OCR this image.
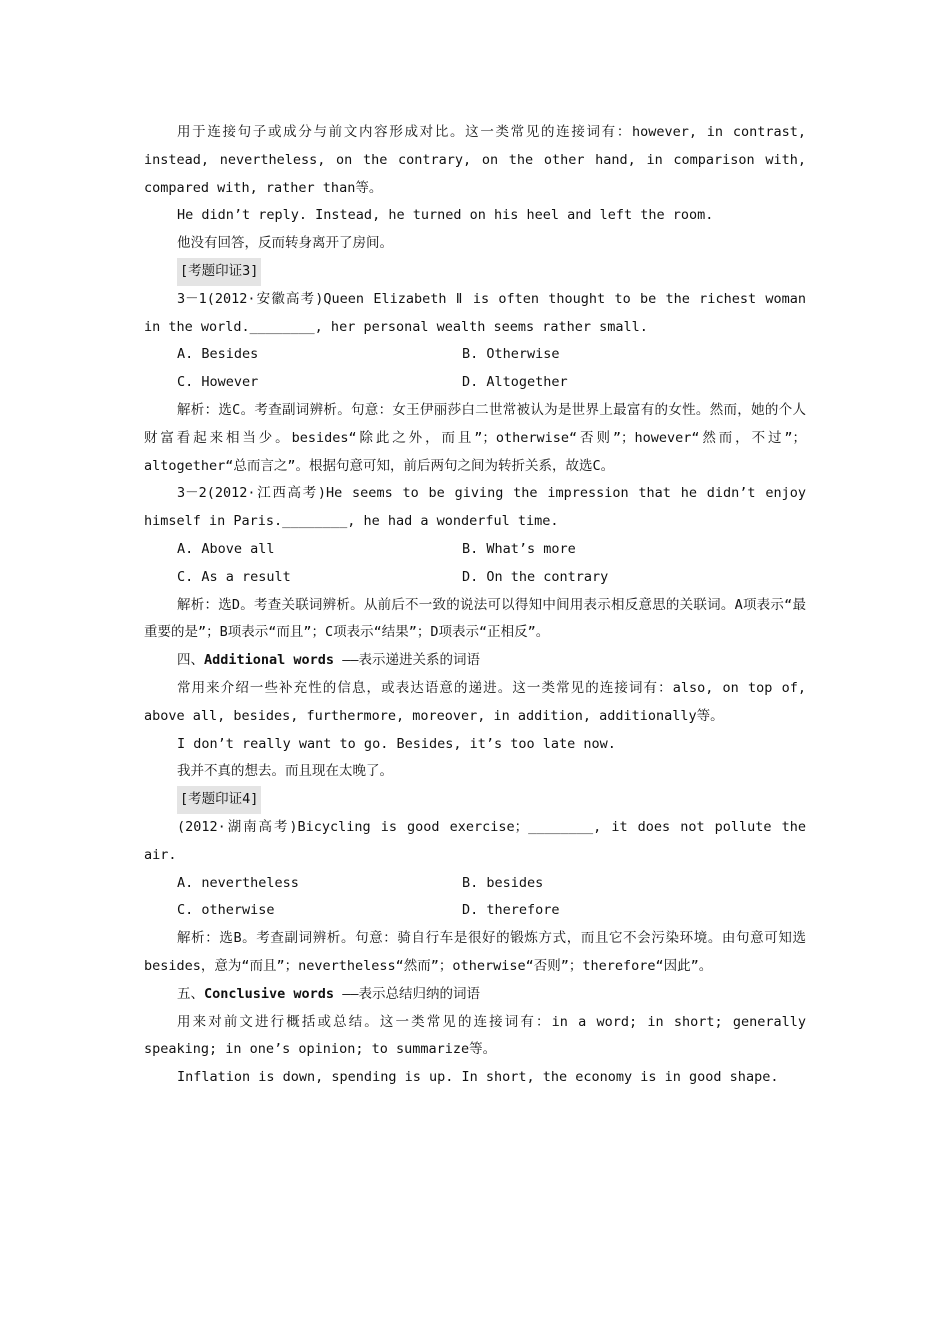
用于连接句子或成分与前文内容形成对比。这一类常见的连接词有：however, in contrast, instead, nevertheless, on the contrary, on the other hand, in comparison with, compared with, rather than等。

He didn’t reply. Instead, he turned on his heel and left the room.

他没有回答，反而转身离开了房间。

[考题印证3]

3－1(2012·安徽高考)Queen Elizabeth Ⅱ is often thought to be the richest woman in the world.________, her personal wealth seems rather small.

A. Besides	B. Otherwise
C. However	D. Altogether

解析：选C。考查副词辨析。句意：女王伊丽莎白二世常被认为是世界上最富有的女性。然而，她的个人财富看起来相当少。besides“除此之外，而且”；otherwise“否则”；however“然而，不过”；altogether“总而言之”。根据句意可知，前后两句之间为转折关系，故选C。

3－2(2012·江西高考)He seems to be giving the impression that he didn’t enjoy himself in Paris.________, he had a wonderful time.

A. Above all	B. What’s more
C. As a result	D. On the contrary

解析：选D。考查关联词辨析。从前后不一致的说法可以得知中间用表示相反意思的关联词。A项表示“最重要的是”；B项表示“而且”；C项表示“结果”；D项表示“正相反”。

四、Additional words ——表示递进关系的词语

常用来介绍一些补充性的信息，或表达语意的递进。这一类常见的连接词有：also, on top of, above all, besides, furthermore, moreover, in addition, additionally等。

I don’t really want to go. Besides, it’s too late now.

我并不真的想去。而且现在太晚了。

[考题印证4]

(2012·湖南高考)Bicycling is good exercise；________, it does not pollute the air.

A. nevertheless	B. besides
C. otherwise	D. therefore

解析：选B。考查副词辨析。句意：骑自行车是很好的锻炼方式，而且它不会污染环境。由句意可知选besides，意为“而且”；nevertheless“然而”；otherwise“否则”；therefore“因此”。

五、Conclusive words ——表示总结归纳的词语

用来对前文进行概括或总结。这一类常见的连接词有：in a word; in short; generally speaking; in one’s opinion; to summarize等。

Inflation is down, spending is up. In short, the economy is in good shape.
